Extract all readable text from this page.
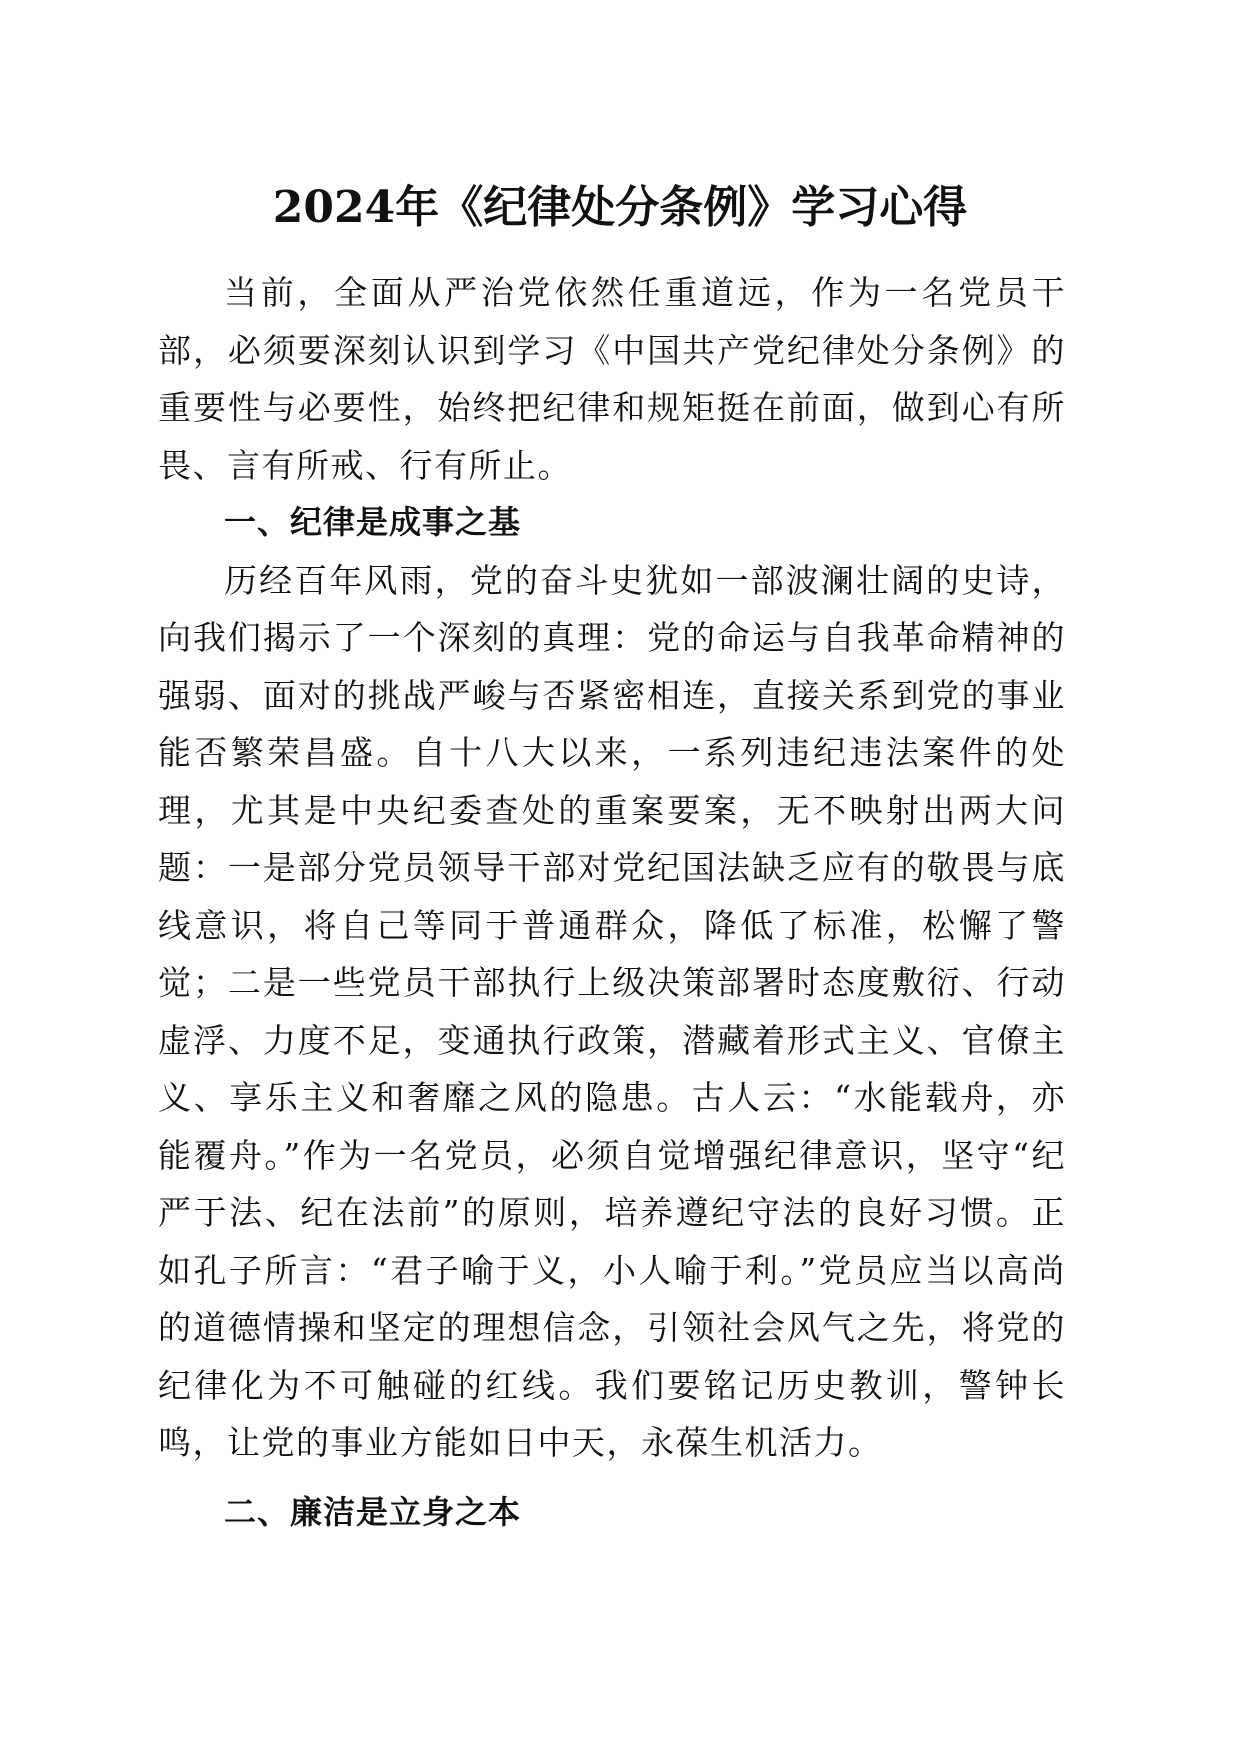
2024年《纪律处分条例》学习心得

当前，全面从严治党依然任重道远，作为一名党员干部，必须要深刻认识到学习《中国共产党纪律处分条例》的重要性与必要性，始终把纪律和规矩挺在前面，做到心有所畏、言有所戒、行有所止。

一、纪律是成事之基

历经百年风雨，党的奋斗史犹如一部波澜壮阔的史诗，向我们揭示了一个深刻的真理：党的命运与自我革命精神的强弱、面对的挑战严峻与否紧密相连，直接关系到党的事业能否繁荣昌盛。自十八大以来，一系列违纪违法案件的处理，尤其是中央纪委查处的重案要案，无不映射出两大问题：一是部分党员领导干部对党纪国法缺乏应有的敬畏与底线意识，将自己等同于普通群众，降低了标准，松懈了警觉；二是一些党员干部执行上级决策部署时态度敷衍、行动虚浮、力度不足，变通执行政策，潜藏着形式主义、官僚主义、享乐主义和奢靡之风的隐患。古人云：“水能载舟，亦能覆舟。”作为一名党员，必须自觉增强纪律意识，坚守“纪严于法、纪在法前”的原则，培养遵纪守法的良好习惯。正如孔子所言：“君子喻于义，小人喻于利。”党员应当以高尚的道德情操和坚定的理想信念，引领社会风气之先，将党的纪律化为不可触碰的红线。我们要铭记历史教训，警钟长鸣，让党的事业方能如日中天，永葆生机活力。

二、廉洁是立身之本
